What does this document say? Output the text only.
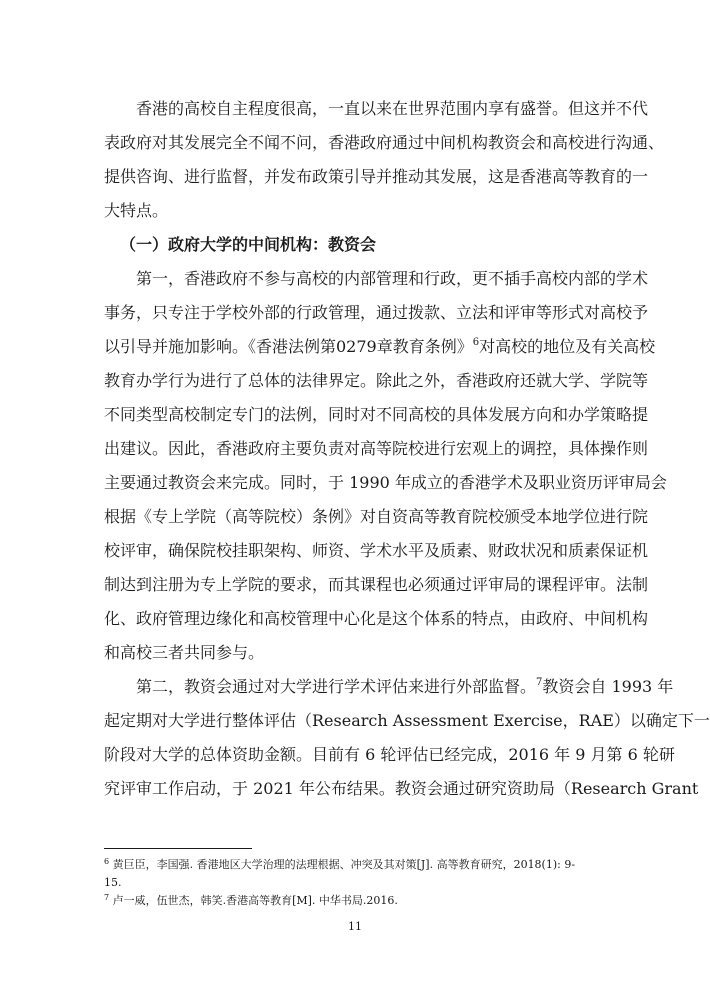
　　香港的高校自主程度很高，一直以来在世界范围内享有盛誉。但这并不代
表政府对其发展完全不闻不问，香港政府通过中间机构教资会和高校进行沟通、
提供咨询、进行监督，并发布政策引导并推动其发展，这是香港高等教育的一
大特点。
（一）政府大学的中间机构：教资会
　　第一，香港政府不参与高校的内部管理和行政，更不插手高校内部的学术
事务，只专注于学校外部的行政管理，通过拨款、立法和评审等形式对高校予
以引导并施加影响。《香港法例第0279章教育条例》$^6$对高校的地位及有关高校
教育办学行为进行了总体的法律界定。除此之外，香港政府还就大学、学院等
不同类型高校制定专门的法例，同时对不同高校的具体发展方向和办学策略提
出建议。因此，香港政府主要负责对高等院校进行宏观上的调控，具体操作则
主要通过教资会来完成。同时，于 1990 年成立的香港学术及职业资历评审局会
根据《专上学院（高等院校）条例》对自资高等教育院校颁受本地学位进行院
校评审，确保院校挂职架构、师资、学术水平及质素、财政状况和质素保证机
制达到注册为专上学院的要求，而其课程也必须通过评审局的课程评审。法制
化、政府管理边缘化和高校管理中心化是这个体系的特点，由政府、中间机构
和高校三者共同参与。
　　第二，教资会通过对大学进行学术评估来进行外部监督。$^7$教资会自 1993 年
起定期对大学进行整体评估（Research Assessment Exercise，RAE）以确定下一
阶段对大学的总体资助金额。目前有 6 轮评估已经完成，2016 年 9 月第 6 轮研
究评审工作启动，于 2021 年公布结果。教资会通过研究资助局（Research Grant
$^6$ 黄巨臣，李国强. 香港地区大学治理的法理根据、冲突及其对策[J]. 高等教育研究，2018(1): 9-
15.
$^7$ 卢一威，伍世杰，韩笑.香港高等教育[M]. 中华书局.2016.
11
